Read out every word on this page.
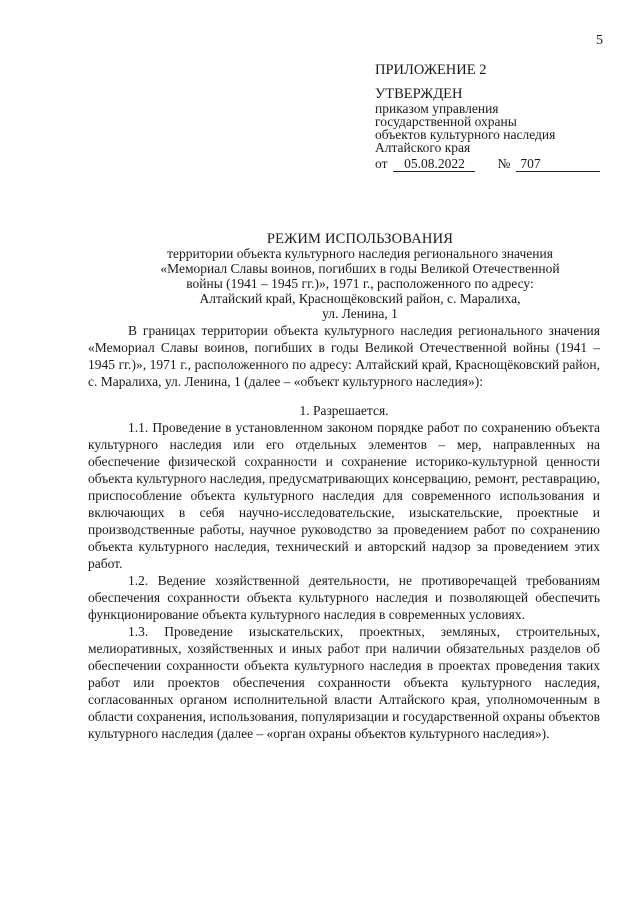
5
ПРИЛОЖЕНИЕ 2
УТВЕРЖДЕН
приказом управления
государственной охраны
объектов культурного наследия
Алтайского края
от 05.08.2022 № 707
РЕЖИМ ИСПОЛЬЗОВАНИЯ
территории объекта культурного наследия регионального значения
«Мемориал Славы воинов, погибших в годы Великой Отечественной
войны (1941 – 1945 гг.)», 1971 г., расположенного по адресу:
Алтайский край, Краснощёковский район, с. Маралиха,
ул. Ленина, 1

В границах территории объекта культурного наследия регионального значения «Мемориал Славы воинов, погибших в годы Великой Отечественной войны (1941 – 1945 гг.)», 1971 г., расположенного по адресу: Алтайский край, Краснощёковский район, с. Маралиха, ул. Ленина, 1 (далее – «объект культурного наследия»):

1. Разрешается.

1.1. Проведение в установленном законом порядке работ по сохранению объекта культурного наследия или его отдельных элементов – мер, направленных на обеспечение физической сохранности и сохранение историко-культурной ценности объекта культурного наследия, предусматривающих консервацию, ремонт, реставрацию, приспособление объекта культурного наследия для современного использования и включающих в себя научно-исследовательские, изыскательские, проектные и производственные работы, научное руководство за проведением работ по сохранению объекта культурного наследия, технический и авторский надзор за проведением этих работ.

1.2. Ведение хозяйственной деятельности, не противоречащей требованиям обеспечения сохранности объекта культурного наследия и позволяющей обеспечить функционирование объекта культурного наследия в современных условиях.

1.3. Проведение изыскательских, проектных, земляных, строительных, мелиоративных, хозяйственных и иных работ при наличии обязательных разделов об обеспечении сохранности объекта культурного наследия в проектах проведения таких работ или проектов обеспечения сохранности объекта культурного наследия, согласованных органом исполнительной власти Алтайского края, уполномоченным в области сохранения, использования, популяризации и государственной охраны объектов культурного наследия (далее – «орган охраны объектов культурного наследия»).
